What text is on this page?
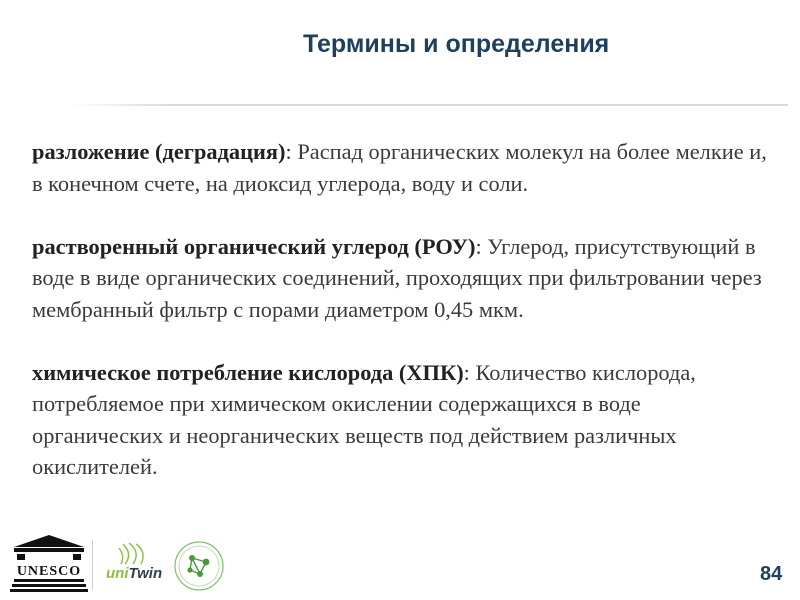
Термины и определения

разложение (деградация): Распад органических молекул на более мелкие и, в конечном счете, на диоксид углерода, воду и соли.

растворенный органический углерод (РОУ): Углерод, присутствующий в воде в виде органических соединений, проходящих при фильтровании через мембранный фильтр с порами диаметром 0,45 мкм.

химическое потребление кислорода (ХПК): Количество кислорода, потребляемое при химическом окислении содержащихся в воде органических и неорганических веществ под действием различных окислителей.

UNESCO uniTwin	84
